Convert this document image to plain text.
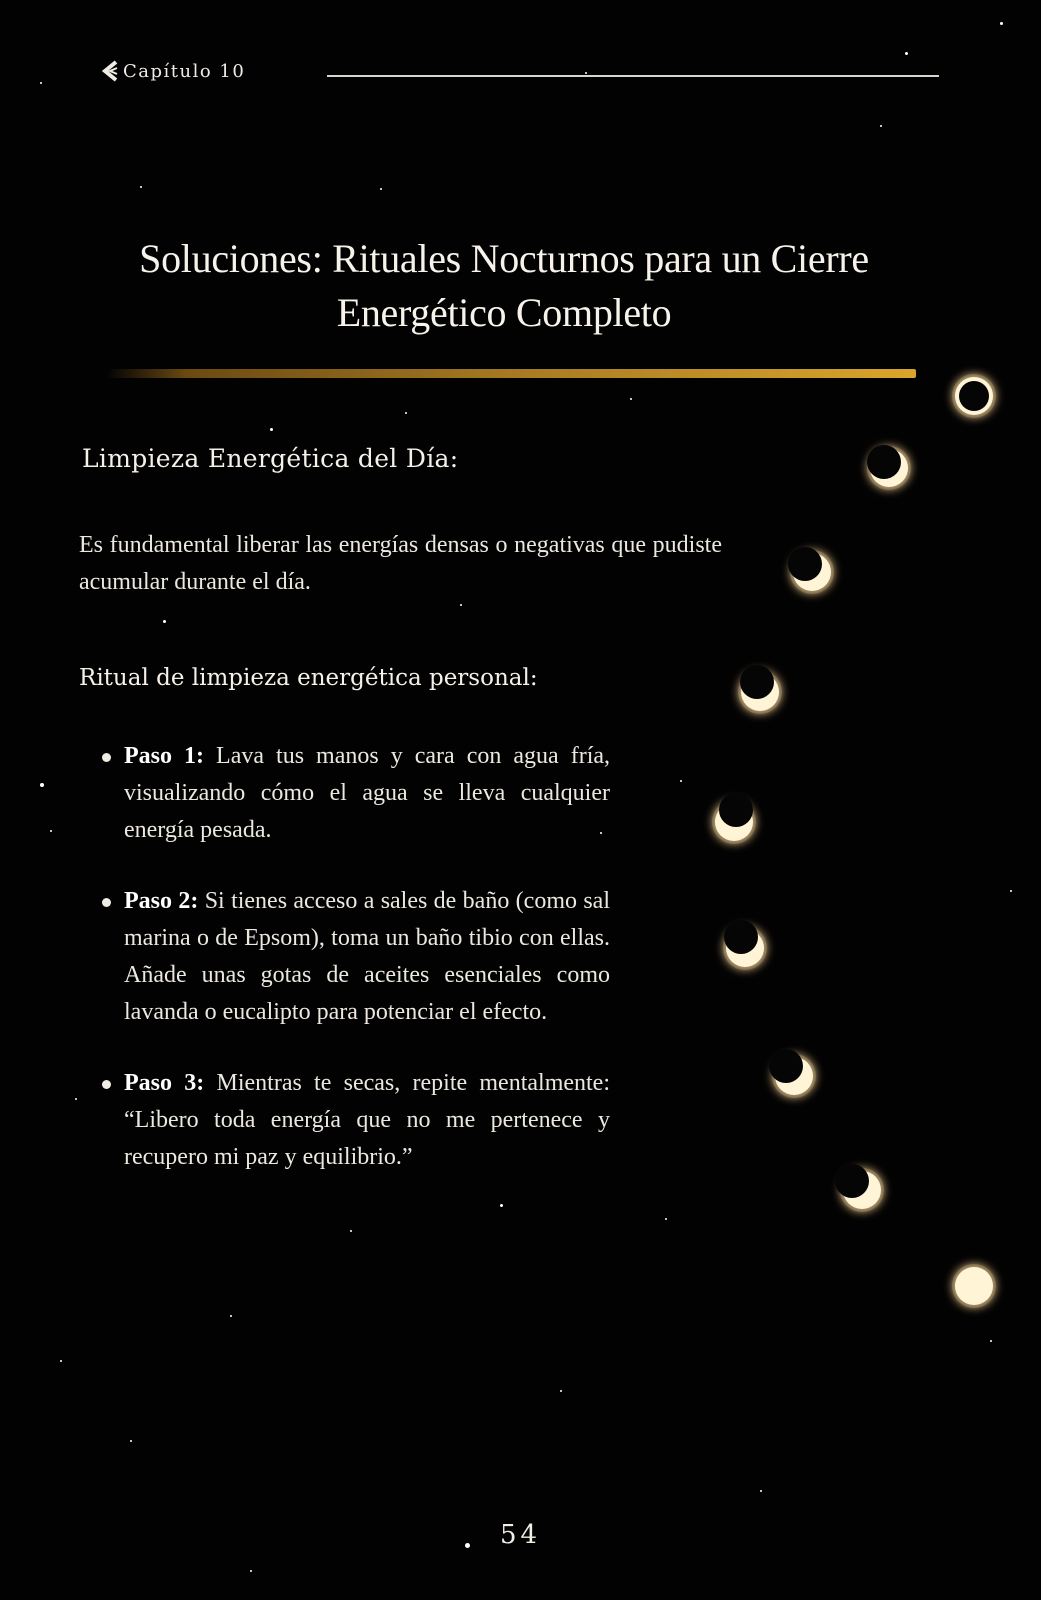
Capítulo 10
Soluciones: Rituales Nocturnos para un Cierre
Energético Completo
Limpieza Energética del Día:

Es fundamental liberar las energías densas o negativas que pudiste acumular durante el día.

Ritual de limpieza energética personal:
Paso 1: Lava tus manos y cara con agua fría, visualizando cómo el agua se lleva cualquier energía pesada.
Paso 2: Si tienes acceso a sales de baño (como sal marina o de Epsom), toma un baño tibio con ellas. Añade unas gotas de aceites esenciales como lavanda o eucalipto para potenciar el efecto.
Paso 3: Mientras te secas, repite mentalmente: “Libero toda energía que no me pertenece y recupero mi paz y equilibrio.”

54
